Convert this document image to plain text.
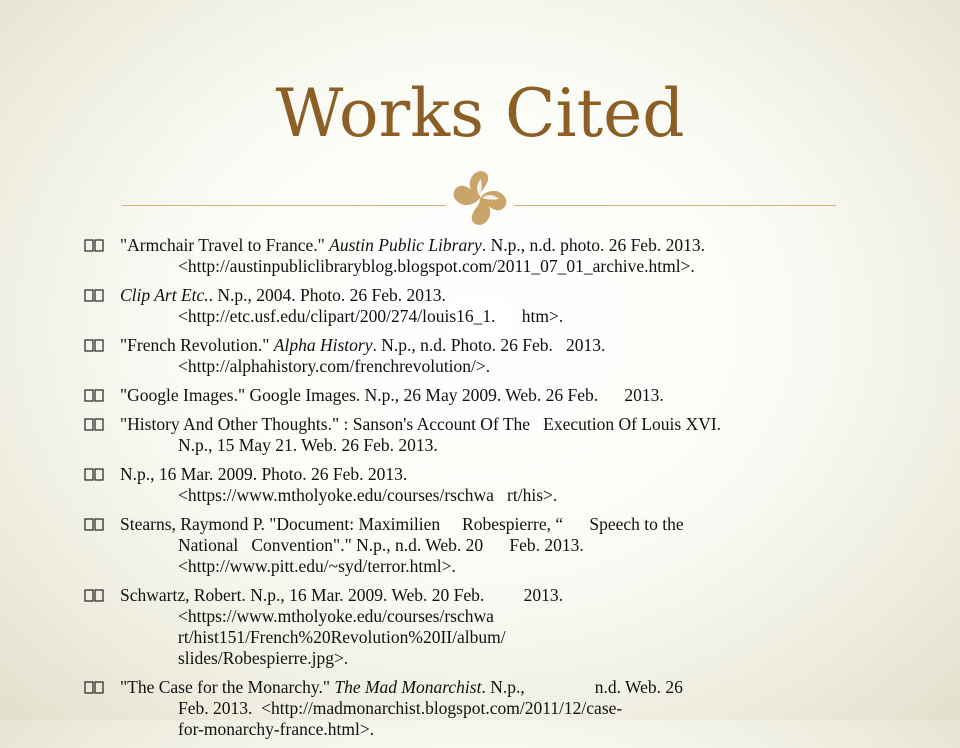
Works Cited
"Armchair Travel to France." Austin Public Library. N.p., n.d. photo. 26 Feb. 2013.
<http://austinpubliclibraryblog.blogspot.com/2011_07_01_archive.html>.
Clip Art Etc.. N.p., 2004. Photo. 26 Feb. 2013.
<http://etc.usf.edu/clipart/200/274/louis16_1.      htm>.
"French Revolution." Alpha History. N.p., n.d. Photo. 26 Feb.   2013.
<http://alphahistory.com/frenchrevolution/>.
"Google Images." Google Images. N.p., 26 May 2009. Web. 26 Feb.      2013.
"History And Other Thoughts." : Sanson's Account Of The   Execution Of Louis XVI.
N.p., 15 May 21. Web. 26 Feb. 2013.
N.p., 16 Mar. 2009. Photo. 26 Feb. 2013.
<https://www.mtholyoke.edu/courses/rschwa   rt/his>.
Stearns, Raymond P. "Document: Maximilien     Robespierre, “      Speech to the
National   Convention"." N.p., n.d. Web. 20      Feb. 2013.
<http://www.pitt.edu/~syd/terror.html>.
Schwartz, Robert. N.p., 16 Mar. 2009. Web. 20 Feb.         2013.
<https://www.mtholyoke.edu/courses/rschwa
rt/hist151/French%20Revolution%20II/album/
slides/Robespierre.jpg>.
"The Case for the Monarchy." The Mad Monarchist. N.p.,                n.d. Web. 26
Feb. 2013.  <http://madmonarchist.blogspot.com/2011/12/case-
for-monarchy-france.html>.
